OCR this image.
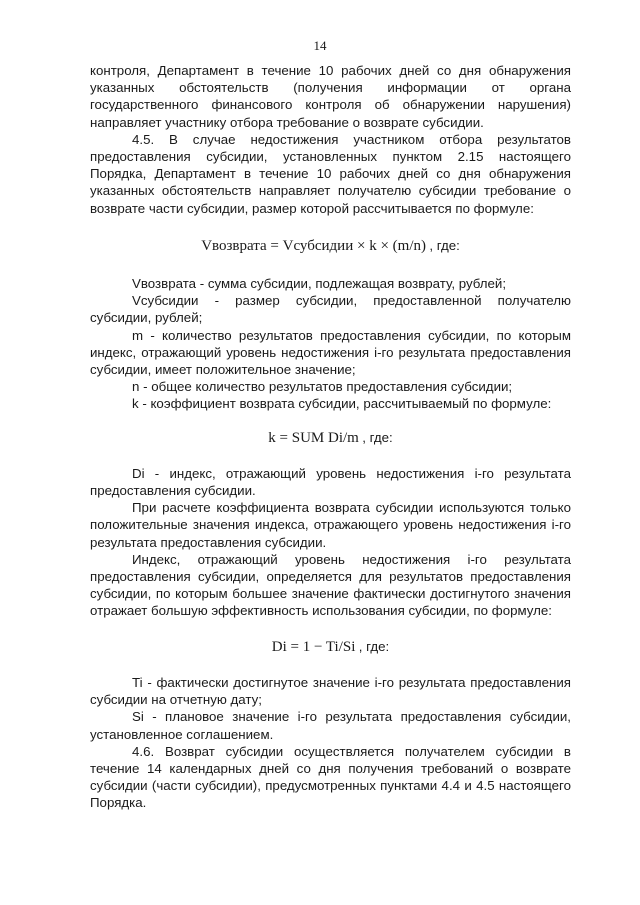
14

контроля, Департамент в течение 10 рабочих дней со дня обнаружения указанных обстоятельств (получения информации от органа государственного финансового контроля об обнаружении нарушения) направляет участнику отбора требование о возврате субсидии.

4.5. В случае недостижения участником отбора результатов предоставления субсидии, установленных пунктом 2.15 настоящего Порядка, Департамент в течение 10 рабочих дней со дня обнаружения указанных обстоятельств направляет получателю субсидии требование о возврате части субсидии, размер которой рассчитывается по формуле:

Vвозврата = Vсубсидии × k × (m/n) , где:

Vвозврата - сумма субсидии, подлежащая возврату, рублей;

Vсубсидии - размер субсидии, предоставленной получателю субсидии, рублей;

m - количество результатов предоставления субсидии, по которым индекс, отражающий уровень недостижения i-го результата предоставления субсидии, имеет положительное значение;

n - общее количество результатов предоставления субсидии;

k - коэффициент возврата субсидии, рассчитываемый по формуле:

k = SUM Di/m , где:

Di - индекс, отражающий уровень недостижения i-го результата предоставления субсидии.

При расчете коэффициента возврата субсидии используются только положительные значения индекса, отражающего уровень недостижения i-го результата предоставления субсидии.

Индекс, отражающий уровень недостижения i-го результата предоставления субсидии, определяется для результатов предоставления субсидии, по которым большее значение фактически достигнутого значения отражает большую эффективность использования субсидии, по формуле:

Di = 1 − Ti/Si , где:

Ti - фактически достигнутое значение i-го результата предоставления субсидии на отчетную дату;

Si - плановое значение i-го результата предоставления субсидии, установленное соглашением.

4.6. Возврат субсидии осуществляется получателем субсидии в течение 14 календарных дней со дня получения требований о возврате субсидии (части субсидии), предусмотренных пунктами 4.4 и 4.5 настоящего Порядка.
